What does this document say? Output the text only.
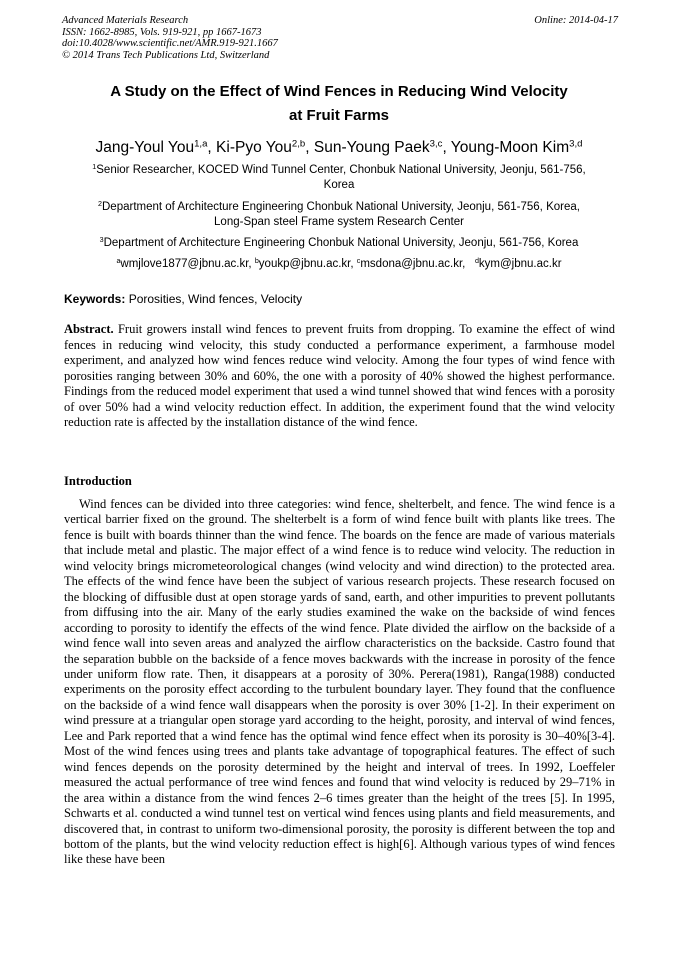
Advanced Materials Research
ISSN: 1662-8985, Vols. 919-921, pp 1667-1673
doi:10.4028/www.scientific.net/AMR.919-921.1667
© 2014 Trans Tech Publications Ltd, Switzerland
Online: 2014-04-17
A Study on the Effect of Wind Fences in Reducing Wind Velocity
at Fruit Farms
Jang-Youl You$^{1,a}$, Ki-Pyo You$^{2,b}$, Sun-Young Paek$^{3,c}$, Young-Moon Kim$^{3,d}$
$^1$Senior Researcher, KOCED Wind Tunnel Center, Chonbuk National University, Jeonju, 561-756,
Korea
$^2$Department of Architecture Engineering Chonbuk National University, Jeonju, 561-756, Korea,
Long-Span steel Frame system Research Center
$^3$Department of Architecture Engineering Chonbuk National University, Jeonju, 561-756, Korea
$^a$wmjlove1877@jbnu.ac.kr, $^b$youkp@jbnu.ac.kr, $^c$msdona@jbnu.ac.kr, $^d$kym@jbnu.ac.kr
Keywords: Porosities, Wind fences, Velocity
Abstract. Fruit growers install wind fences to prevent fruits from dropping. To examine the effect of wind fences in reducing wind velocity, this study conducted a performance experiment, a farmhouse model experiment, and analyzed how wind fences reduce wind velocity. Among the four types of wind fence with porosities ranging between 30% and 60%, the one with a porosity of 40% showed the highest performance. Findings from the reduced model experiment that used a wind tunnel showed that wind fences with a porosity of over 50% had a wind velocity reduction effect. In addition, the experiment found that the wind velocity reduction rate is affected by the installation distance of the wind fence.
Introduction
Wind fences can be divided into three categories: wind fence, shelterbelt, and fence. The wind fence is a vertical barrier fixed on the ground. The shelterbelt is a form of wind fence built with plants like trees. The fence is built with boards thinner than the wind fence. The boards on the fence are made of various materials that include metal and plastic. The major effect of a wind fence is to reduce wind velocity. The reduction in wind velocity brings micrometeorological changes (wind velocity and wind direction) to the protected area. The effects of the wind fence have been the subject of various research projects. These research focused on the blocking of diffusible dust at open storage yards of sand, earth, and other impurities to prevent pollutants from diffusing into the air. Many of the early studies examined the wake on the backside of wind fences according to porosity to identify the effects of the wind fence. Plate divided the airflow on the backside of a wind fence wall into seven areas and analyzed the airflow characteristics on the backside. Castro found that the separation bubble on the backside of a fence moves backwards with the increase in porosity of the fence under uniform flow rate. Then, it disappears at a porosity of 30%. Perera(1981), Ranga(1988) conducted experiments on the porosity effect according to the turbulent boundary layer. They found that the confluence on the backside of a wind fence wall disappears when the porosity is over 30% [1-2]. In their experiment on wind pressure at a triangular open storage yard according to the height, porosity, and interval of wind fences, Lee and Park reported that a wind fence has the optimal wind fence effect when its porosity is 30–40%[3-4]. Most of the wind fences using trees and plants take advantage of topographical features. The effect of such wind fences depends on the porosity determined by the height and interval of trees. In 1992, Loeffeler measured the actual performance of tree wind fences and found that wind velocity is reduced by 29–71% in the area within a distance from the wind fences 2–6 times greater than the height of the trees [5]. In 1995, Schwarts et al. conducted a wind tunnel test on vertical wind fences using plants and field measurements, and discovered that, in contrast to uniform two-dimensional porosity, the porosity is different between the top and bottom of the plants, but the wind velocity reduction effect is high[6]. Although various types of wind fences like these have been
